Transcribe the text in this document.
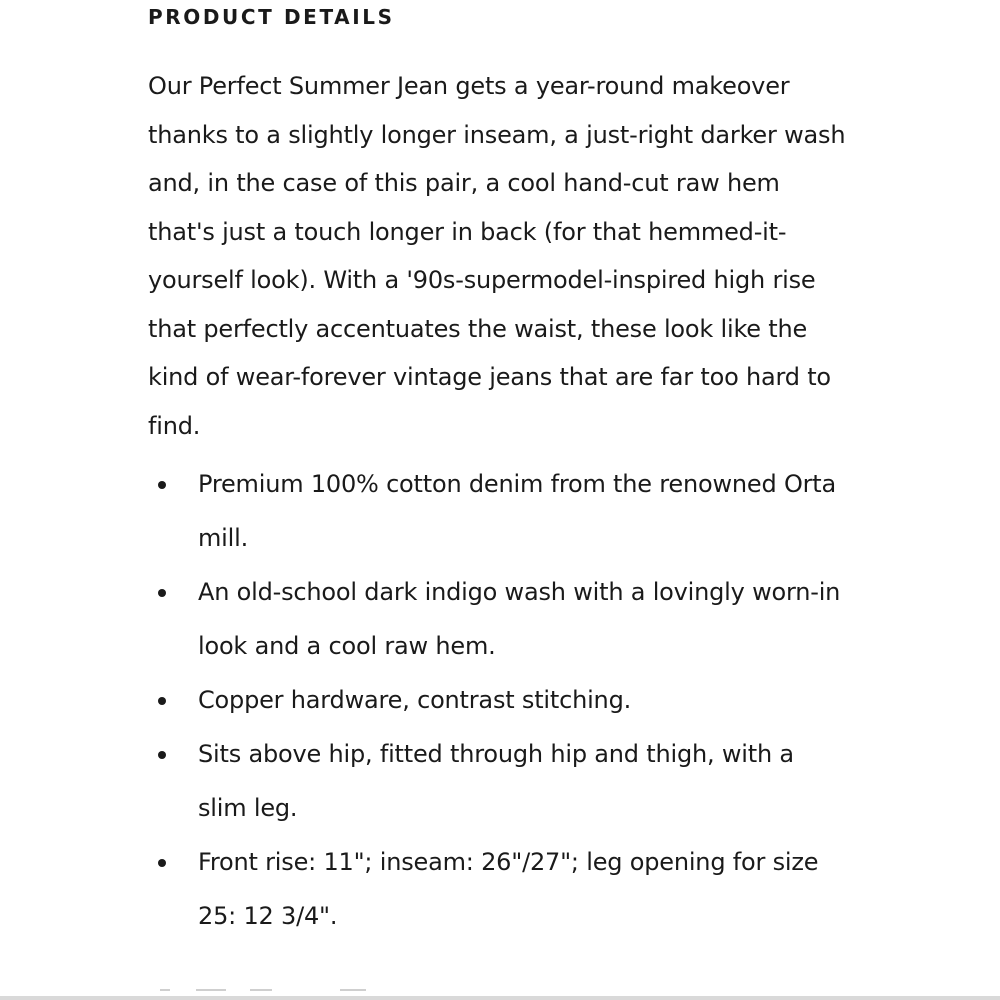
PRODUCT DETAILS

Our Perfect Summer Jean gets a year-round makeover thanks to a slightly longer inseam, a just-right darker wash and, in the case of this pair, a cool hand-cut raw hem that's just a touch longer in back (for that hemmed-it-yourself look). With a '90s-supermodel-inspired high rise that perfectly accentuates the waist, these look like the kind of wear-forever vintage jeans that are far too hard to find.

Premium 100% cotton denim from the renowned Orta mill.
An old-school dark indigo wash with a lovingly worn-in look and a cool raw hem.
Copper hardware, contrast stitching.
Sits above hip, fitted through hip and thigh, with a slim leg.
Front rise: 11"; inseam: 26"/27"; leg opening for size 25: 12 3/4".
